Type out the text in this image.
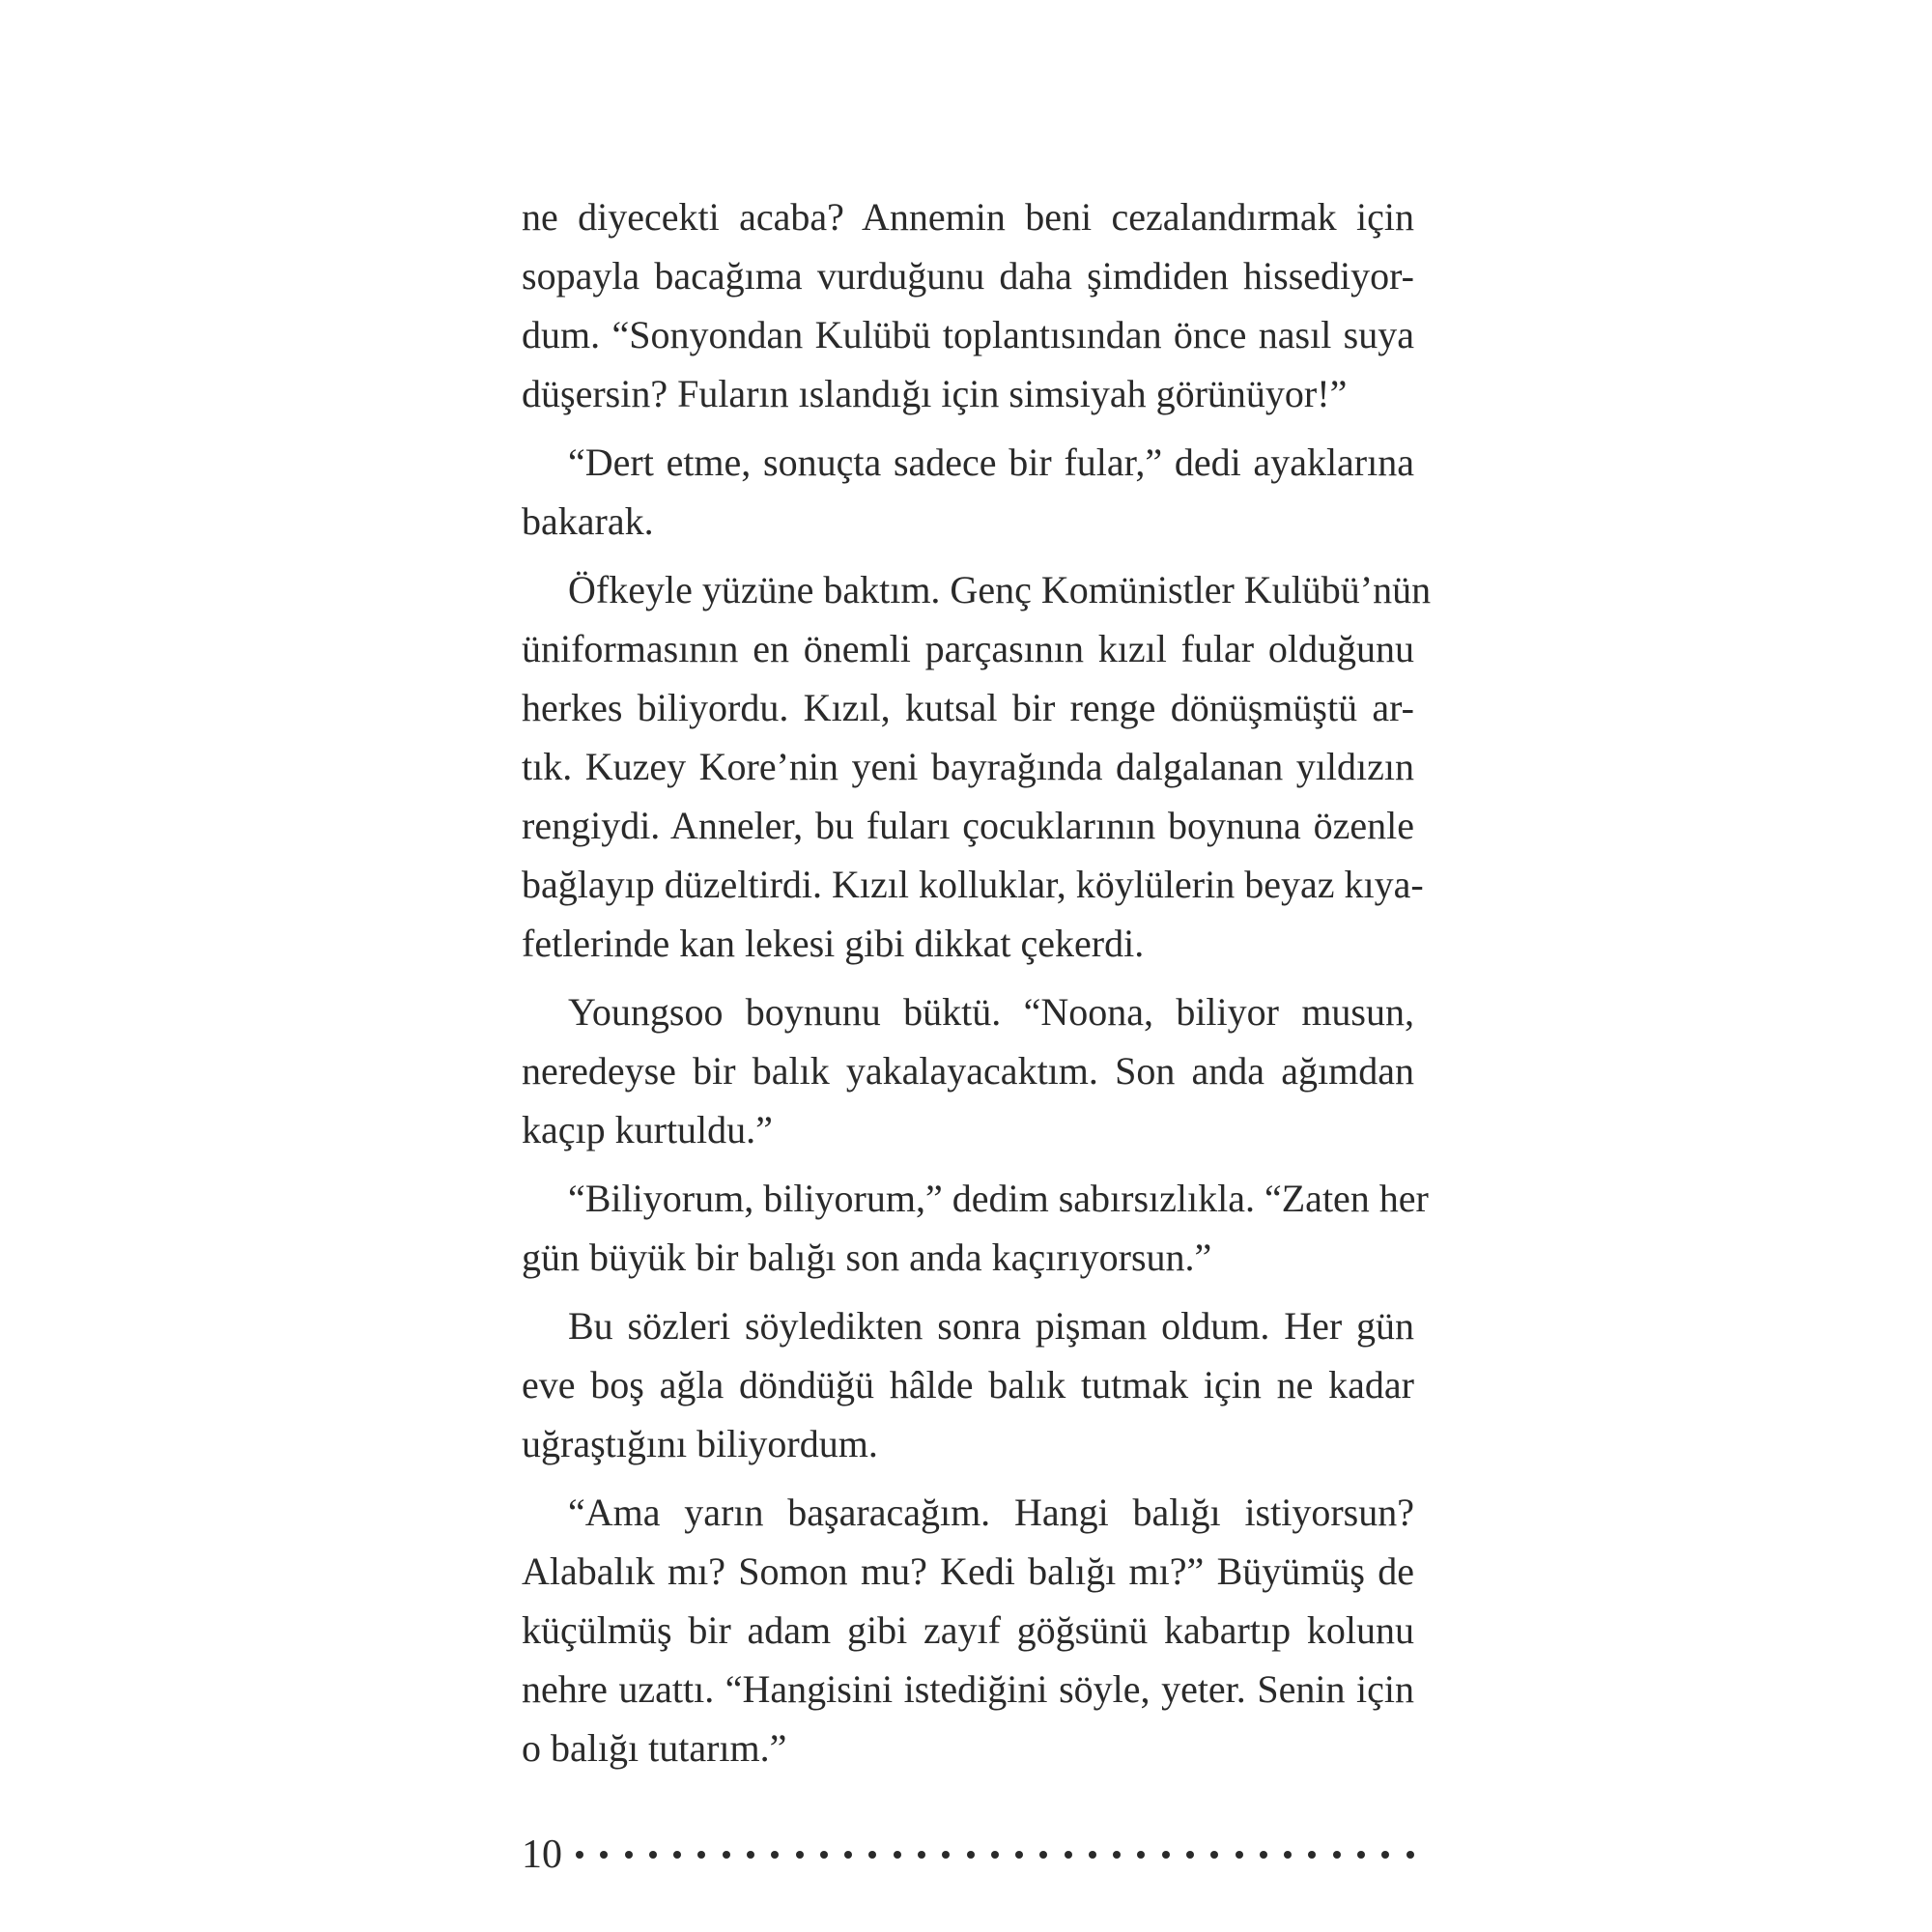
ne diyecekti acaba? Annemin beni cezalandırmak için
sopayla bacağıma vurduğunu daha şimdiden hissediyor-
dum. “Sonyondan Kulübü toplantısından önce nasıl suya
düşersin? Fuların ıslandığı için simsiyah görünüyor!”
“Dert etme, sonuçta sadece bir fular,” dedi ayaklarına
bakarak.
Öfkeyle yüzüne baktım. Genç Komünistler Kulübü’nün
üniformasının en önemli parçasının kızıl fular olduğunu
herkes biliyordu. Kızıl, kutsal bir renge dönüşmüştü ar-
tık. Kuzey Kore’nin yeni bayrağında dalgalanan yıldızın
rengiydi. Anneler, bu fuları çocuklarının boynuna özenle
bağlayıp düzeltirdi. Kızıl kolluklar, köylülerin beyaz kıya-
fetlerinde kan lekesi gibi dikkat çekerdi.
Youngsoo boynunu büktü. “Noona, biliyor musun,
neredeyse bir balık yakalayacaktım. Son anda ağımdan
kaçıp kurtuldu.”
“Biliyorum, biliyorum,” dedim sabırsızlıkla. “Zaten her
gün büyük bir balığı son anda kaçırıyorsun.”
Bu sözleri söyledikten sonra pişman oldum. Her gün
eve boş ağla döndüğü hâlde balık tutmak için ne kadar
uğraştığını biliyordum.
“Ama yarın başaracağım. Hangi balığı istiyorsun?
Alabalık mı? Somon mu? Kedi balığı mı?” Büyümüş de
küçülmüş bir adam gibi zayıf göğsünü kabartıp kolunu
nehre uzattı. “Hangisini istediğini söyle, yeter. Senin için
o balığı tutarım.”
10
